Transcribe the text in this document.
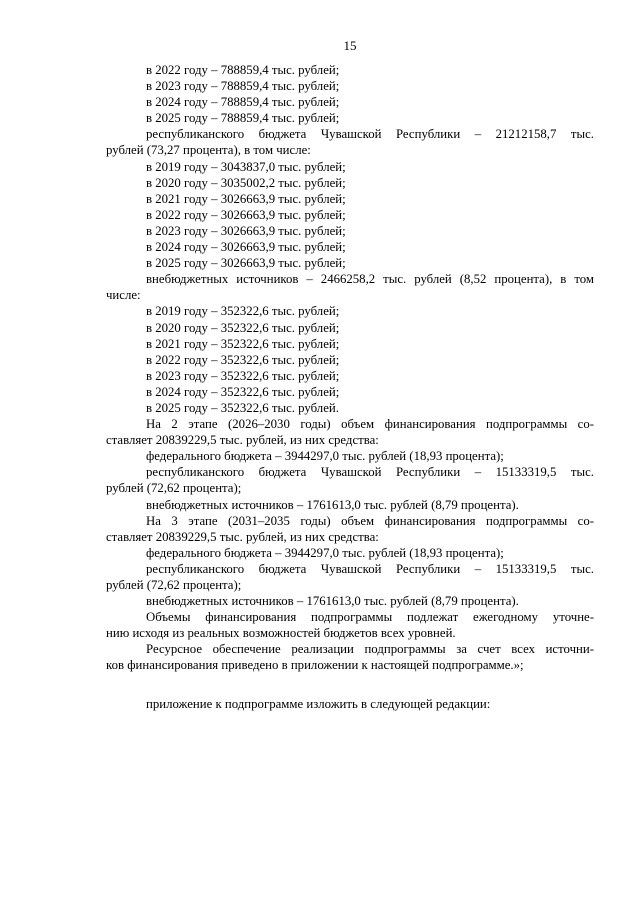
15
в 2022 году – 788859,4 тыс. рублей;
в 2023 году – 788859,4 тыс. рублей;
в 2024 году – 788859,4 тыс. рублей;
в 2025 году – 788859,4 тыс. рублей;
республиканского бюджета Чувашской Республики – 21212158,7 тыс.
рублей (73,27 процента), в том числе:
в 2019 году – 3043837,0 тыс. рублей;
в 2020 году – 3035002,2 тыс. рублей;
в 2021 году – 3026663,9 тыс. рублей;
в 2022 году – 3026663,9 тыс. рублей;
в 2023 году – 3026663,9 тыс. рублей;
в 2024 году – 3026663,9 тыс. рублей;
в 2025 году – 3026663,9 тыс. рублей;
внебюджетных источников – 2466258,2 тыс. рублей (8,52 процента), в том
числе:
в 2019 году – 352322,6 тыс. рублей;
в 2020 году – 352322,6 тыс. рублей;
в 2021 году – 352322,6 тыс. рублей;
в 2022 году – 352322,6 тыс. рублей;
в 2023 году – 352322,6 тыс. рублей;
в 2024 году – 352322,6 тыс. рублей;
в 2025 году – 352322,6 тыс. рублей.
На 2 этапе (2026–2030 годы) объем финансирования подпрограммы со-
ставляет 20839229,5 тыс. рублей, из них средства:
федерального бюджета – 3944297,0 тыс. рублей (18,93 процента);
республиканского бюджета Чувашской Республики – 15133319,5 тыс.
рублей (72,62 процента);
внебюджетных источников – 1761613,0 тыс. рублей (8,79 процента).
На 3 этапе (2031–2035 годы) объем финансирования подпрограммы со-
ставляет 20839229,5 тыс. рублей, из них средства:
федерального бюджета – 3944297,0 тыс. рублей (18,93 процента);
республиканского бюджета Чувашской Республики – 15133319,5 тыс.
рублей (72,62 процента);
внебюджетных источников – 1761613,0 тыс. рублей (8,79 процента).
Объемы финансирования подпрограммы подлежат ежегодному уточне-
нию исходя из реальных возможностей бюджетов всех уровней.
Ресурсное обеспечение реализации подпрограммы за счет всех источни-
ков финансирования приведено в приложении к настоящей подпрограмме.»;
приложение к подпрограмме изложить в следующей редакции:
